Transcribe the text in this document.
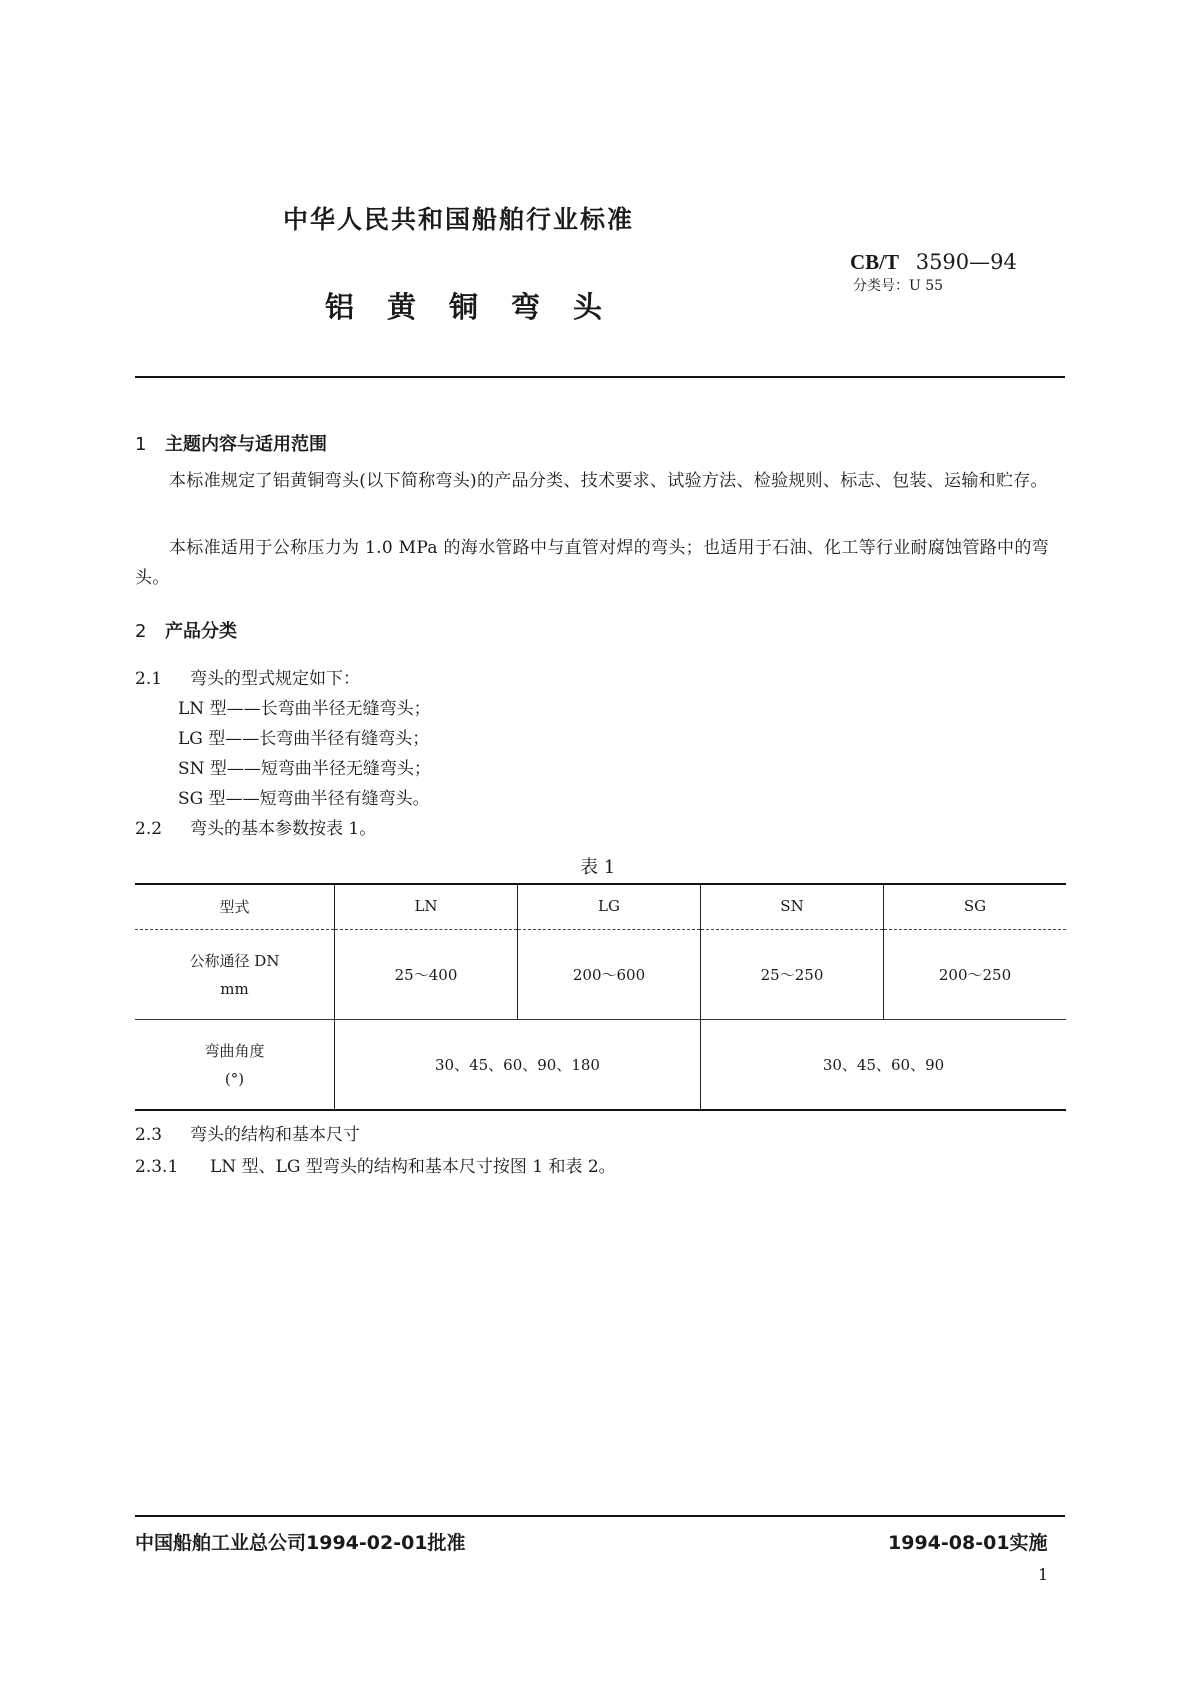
中华人民共和国船舶行业标准
CB/T 3590—94
分类号：U 55
铝黄铜弯头
1 主题内容与适用范围
本标准规定了铝黄铜弯头(以下简称弯头)的产品分类、技术要求、试验方法、检验规则、标志、包装、运输和贮存。
本标准适用于公称压力为 1.0 MPa 的海水管路中与直管对焊的弯头；也适用于石油、化工等行业耐腐蚀管路中的弯头。
2 产品分类
2.1 弯头的型式规定如下：
LN 型——长弯曲半径无缝弯头；
LG 型——长弯曲半径有缝弯头；
SN 型——短弯曲半径无缝弯头；
SG 型——短弯曲半径有缝弯头。
2.2 弯头的基本参数按表 1。
表 1
型式	LN	LG	SN	SG

公称通径 DN
mm	25～400	200～600	25～250	200～250

弯曲角度
(°)	30、45、60、90、180		30、45、60、90	
2.3 弯头的结构和基本尺寸
2.3.1 LN 型、LG 型弯头的结构和基本尺寸按图 1 和表 2。
中国船舶工业总公司1994-02-01批准	1994-08-01实施
1
